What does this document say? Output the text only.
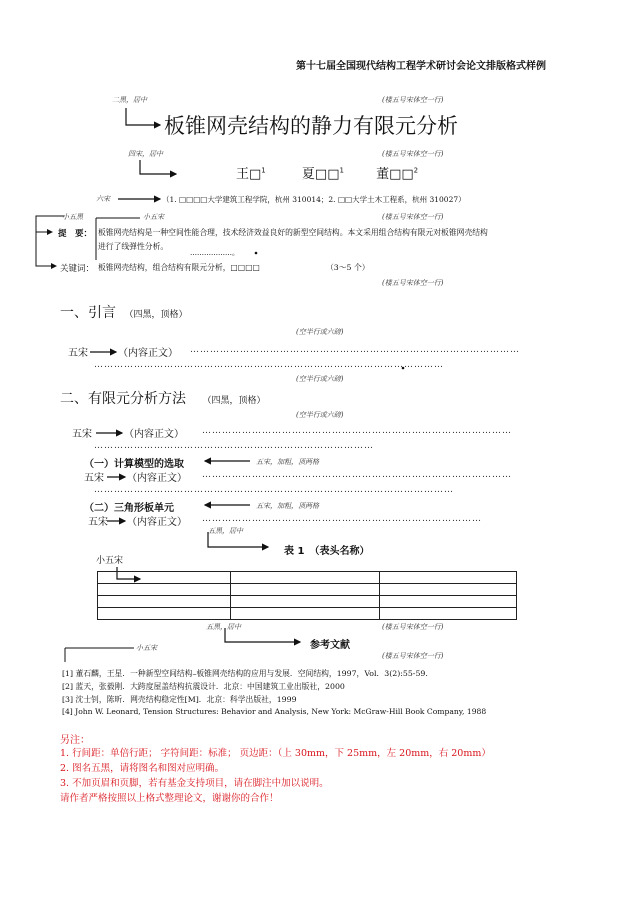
第十七届全国现代结构工程学术研讨会论文排版格式样例
二黑，居中	(楼五号宋体空一行)
板锥网壳结构的静力有限元分析
四宋，居中	(楼五号宋体空一行)
王□$^1$	夏□□$^1$ 董□□$^2$
六宋	（1. □□□□大学建筑工程学院，杭州 310014；2. □□大学土木工程系，杭州 310027）
小五黑	小五宋	(楼五号宋体空一行)
提　要： 板锥网壳结构是一种空间性能合理，技术经济效益良好的新型空间结构。本文采用组合结构有限元对板锥网壳结构
进行了线弹性分析。
………………。
关键词： 板锥网壳结构，组合结构有限元分析，□□□□	（3～5 个）
(楼五号宋体空一行)
一、引言 （四黑，顶格）
(空半行或六磅)
五宋	（内容正文） ………………………………………………………………………………………
……………………………………………………………………………………………
(空半行或六磅)
二、有限元分析方法 （四黑，顶格）
(空半行或六磅)
五宋	（内容正文） …………………………………………………………………………………
…………………………………………………………………………
（一）计算模型的选取	五宋，加粗，顶两格
五宋 （内容正文） …………………………………………………………………………………
………………………………………………………………………………………………
（二）三角形板单元	五宋，加粗，顶两格
五宋 （内容正文） …………………………………………………………………………
五黑，居中
表 1　（表头名称）
小五宋

五黑，居中	(楼五号宋体空一行)
小五宋	参考文献
(楼五号宋体空一行)
[1] 董石麟，王星．一种新型空间结构–板锥网壳结构的应用与发展．空间结构，1997，Vol．3(2):55-59.
[2] 蓝天，张毅刚．大跨度屋盖结构抗震设计．北京：中国建筑工业出版社，2000
[3] 沈士钊，陈昕．网壳结构稳定性[M]．北京：科学出版社，1999
[4] John W. Leonard, Tension Structures: Behavior and Analysis, New York: McGraw-Hill Book Company, 1988
另注：
1. 行间距：单倍行距； 字符间距：标准； 页边距：（上 30mm，下 25mm，左 20mm，右 20mm）
2. 图名五黑，请将图名和图对应明确。
3. 不加页眉和页脚，若有基金支持项目，请在脚注中加以说明。
请作者严格按照以上格式整理论文，谢谢你的合作！
